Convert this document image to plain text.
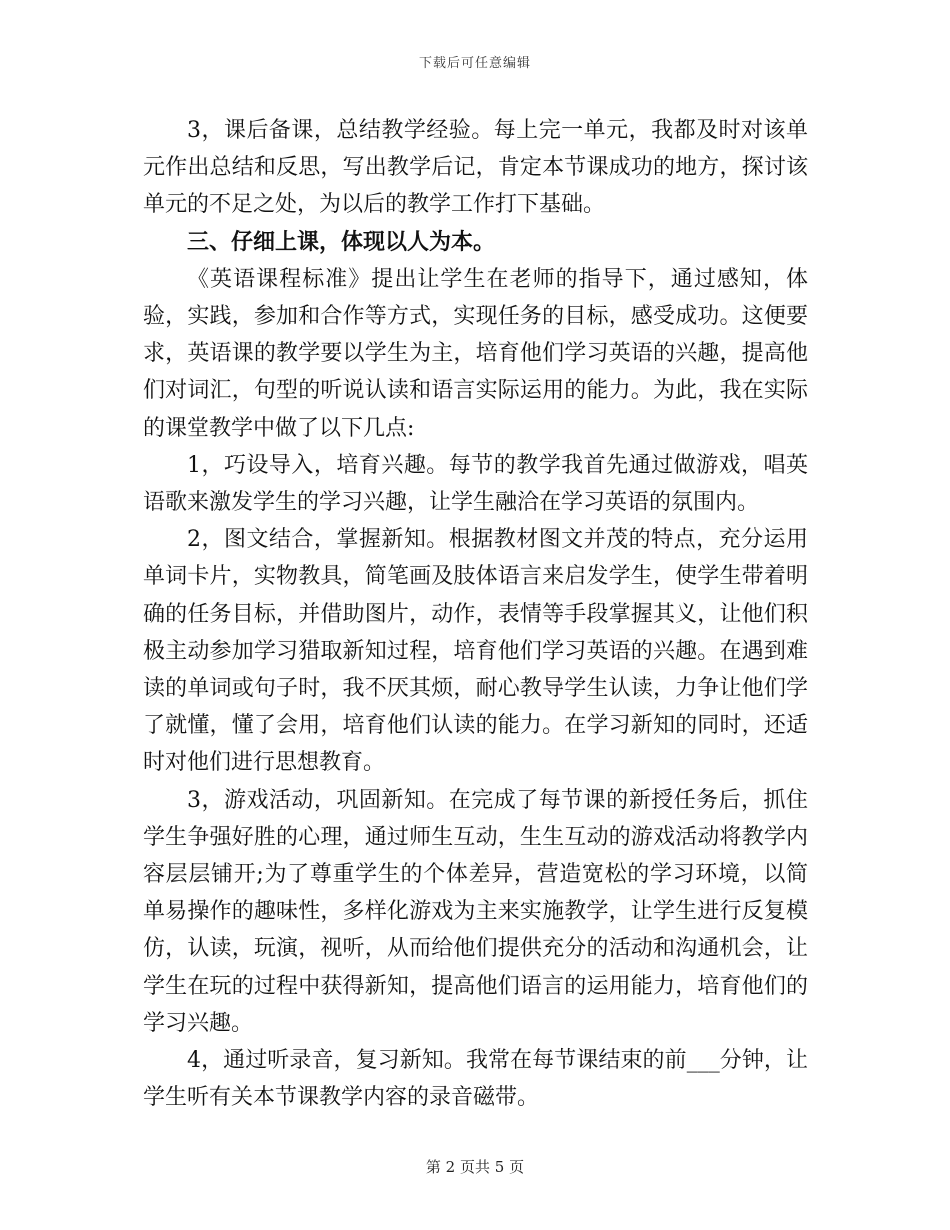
下载后可任意编辑

3，课后备课，总结教学经验。每上完一单元，我都及时对该单元作出总结和反思，写出教学后记，肯定本节课成功的地方，探讨该单元的不足之处，为以后的教学工作打下基础。

三、仔细上课，体现以人为本。

《英语课程标准》提出让学生在老师的指导下，通过感知，体验，实践，参加和合作等方式，实现任务的目标，感受成功。这便要求，英语课的教学要以学生为主，培育他们学习英语的兴趣，提高他们对词汇，句型的听说认读和语言实际运用的能力。为此，我在实际的课堂教学中做了以下几点:

1，巧设导入，培育兴趣。每节的教学我首先通过做游戏，唱英语歌来激发学生的学习兴趣，让学生融洽在学习英语的氛围内。

2，图文结合，掌握新知。根据教材图文并茂的特点，充分运用单词卡片，实物教具，简笔画及肢体语言来启发学生，使学生带着明确的任务目标，并借助图片，动作，表情等手段掌握其义，让他们积极主动参加学习猎取新知过程，培育他们学习英语的兴趣。在遇到难读的单词或句子时，我不厌其烦，耐心教导学生认读，力争让他们学了就懂，懂了会用，培育他们认读的能力。在学习新知的同时，还适时对他们进行思想教育。

3，游戏活动，巩固新知。在完成了每节课的新授任务后，抓住学生争强好胜的心理，通过师生互动，生生互动的游戏活动将教学内容层层铺开;为了尊重学生的个体差异，营造宽松的学习环境，以简单易操作的趣味性，多样化游戏为主来实施教学，让学生进行反复模仿，认读，玩演，视听，从而给他们提供充分的活动和沟通机会，让学生在玩的过程中获得新知，提高他们语言的运用能力，培育他们的学习兴趣。

4，通过听录音，复习新知。我常在每节课结束的前___分钟，让学生听有关本节课教学内容的录音磁带。

第 2 页共 5 页
